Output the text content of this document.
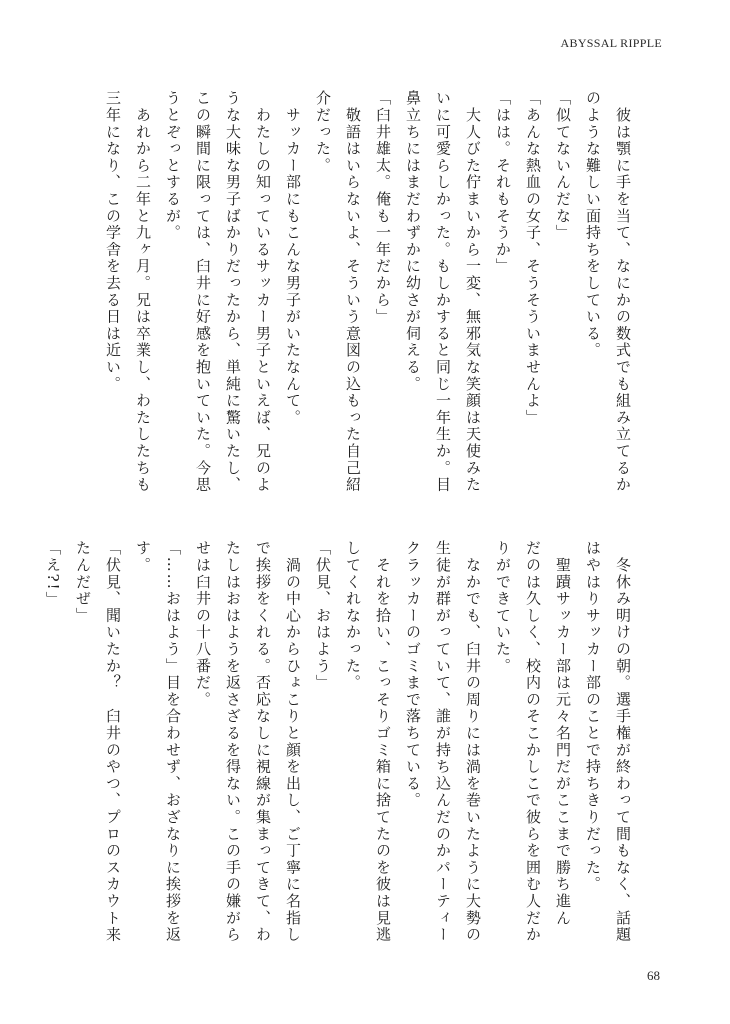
ABYSSAL RIPPLE

　彼は顎に手を当て、なにかの数式でも組み立てるか

のような難しい面持ちをしている。

「似てないんだな」

「あんな熱血の女子、そうそういませんよ」

「はは。それもそうか」

　大人びた佇まいから一変、無邪気な笑顔は天使みた

いに可愛らしかった。もしかすると同じ一年生か。目

鼻立ちにはまだわずかに幼さが伺える。

「臼井雄太。俺も一年だから」

　敬語はいらないよ、そういう意図の込もった自己紹

介だった。

　サッカー部にもこんな男子がいたなんて。

　わたしの知っているサッカー男子といえば、兄のよ

うな大味な男子ばかりだったから、単純に驚いたし、

この瞬間に限っては、臼井に好感を抱いていた。今思

うとぞっとするが。

　あれから二年と九ヶ月。兄は卒業し、わたしたちも

三年になり、この学舎を去る日は近い。

　冬休み明けの朝。選手権が終わって間もなく、話題

はやはりサッカー部のことで持ちきりだった。

　聖蹟サッカー部は元々名門だがここまで勝ち進ん

だのは久しく、校内のそこかしこで彼らを囲む人だか

りができていた。

　なかでも、臼井の周りには渦を巻いたように大勢の

生徒が群がっていて、誰が持ち込んだのかパーティー

クラッカーのゴミまで落ちている。

　それを拾い、こっそりゴミ箱に捨てたのを彼は見逃

してくれなかった。

「伏見、おはよう」

　渦の中心からひょこりと顔を出し、ご丁寧に名指し

で挨拶をくれる。否応なしに視線が集まってきて、わ

たしはおはようを返さざるを得ない。この手の嫌がら

せは臼井の十八番だ。

「……おはよう」目を合わせず、おざなりに挨拶を返

す。

「伏見、聞いたか？　臼井のやつ、プロのスカウト来

たんだぜ」

「え?!」

68
